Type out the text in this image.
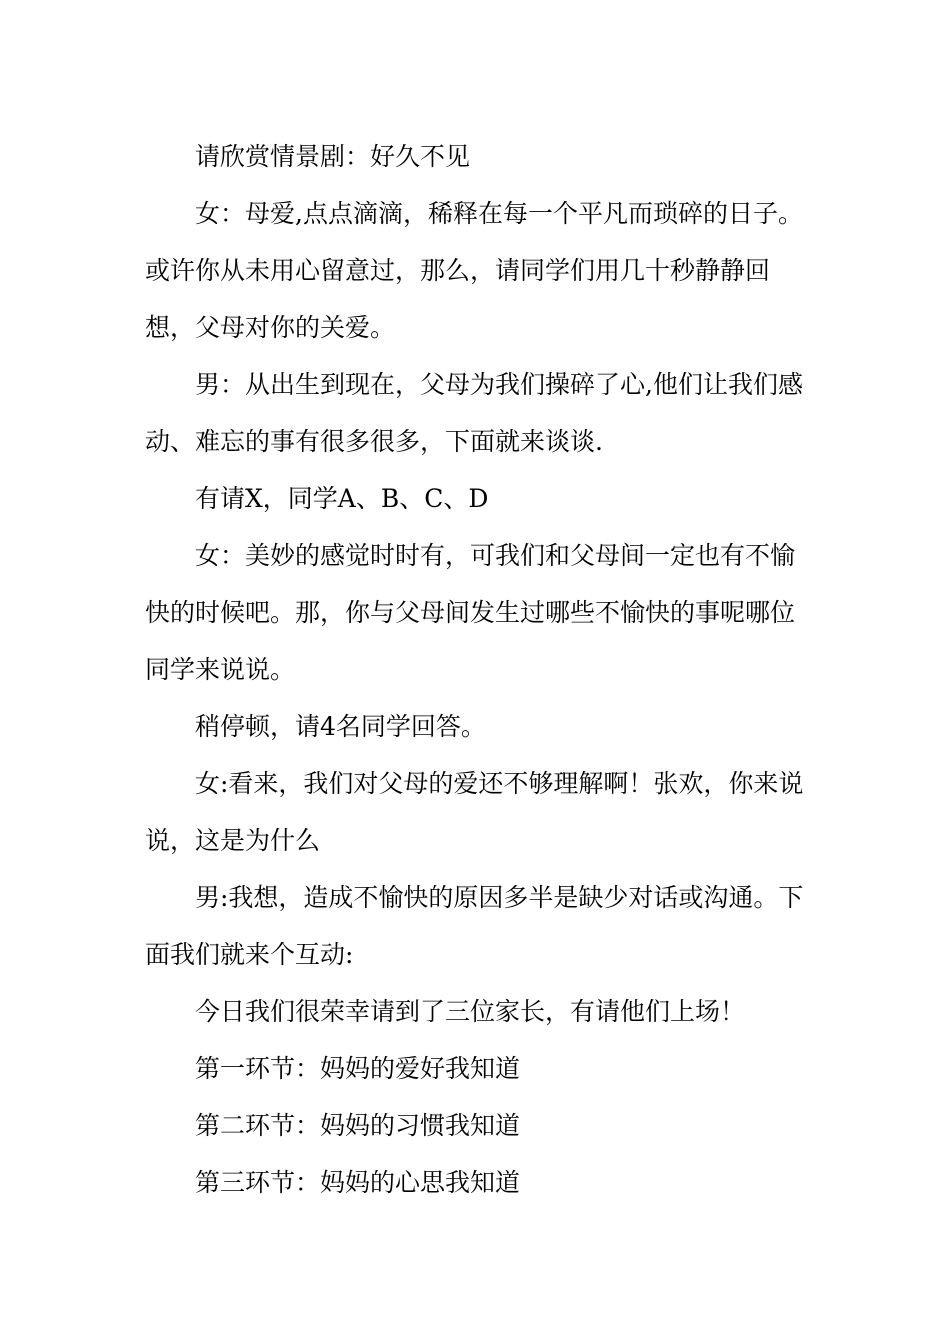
请欣赏情景剧：好久不见

女：母爱,点点滴滴，稀释在每一个平凡而琐碎的日子。或许你从未用心留意过，那么，请同学们用几十秒静静回想，父母对你的关爱。

男：从出生到现在，父母为我们操碎了心,他们让我们感动、难忘的事有很多很多，下面就来谈谈.

有请X，同学A、B、C、D

女：美妙的感觉时时有，可我们和父母间一定也有不愉快的时候吧。那，你与父母间发生过哪些不愉快的事呢哪位同学来说说。

稍停顿，请4名同学回答。

女:看来，我们对父母的爱还不够理解啊！张欢，你来说说，这是为什么

男:我想，造成不愉快的原因多半是缺少对话或沟通。下面我们就来个互动:

今日我们很荣幸请到了三位家长，有请他们上场！

第一环节：妈妈的爱好我知道

第二环节：妈妈的习惯我知道

第三环节：妈妈的心思我知道
